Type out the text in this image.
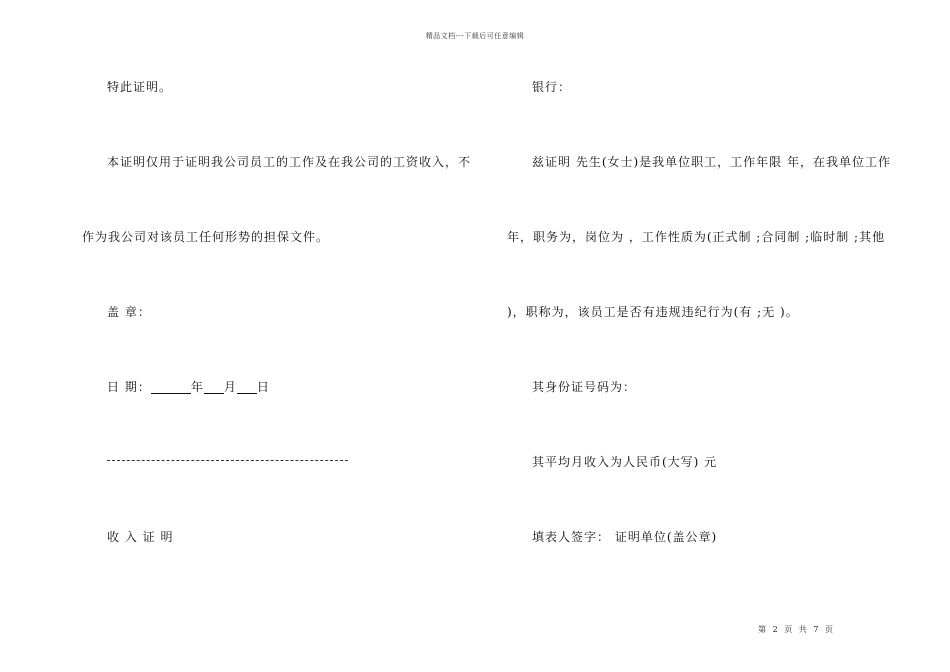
精品文档---下载后可任意编辑
特此证明。
本证明仅用于证明我公司员工的工作及在我公司的工资收入，不
作为我公司对该员工任何形势的担保文件。
盖 章：
日 期：	年 月 日
收 入 证 明
银行：
兹证明 先生(女士)是我单位职工，工作年限 年，在我单位工作
年，职务为，岗位为 ，工作性质为(正式制 ;合同制 ;临时制 ;其他
)，职称为，该员工是否有违规违纪行为(有 ;无 )。
其身份证号码为：
其平均月收入为人民币(大写) 元
填表人签字： 证明单位(盖公章)
第 2 页 共 7 页
